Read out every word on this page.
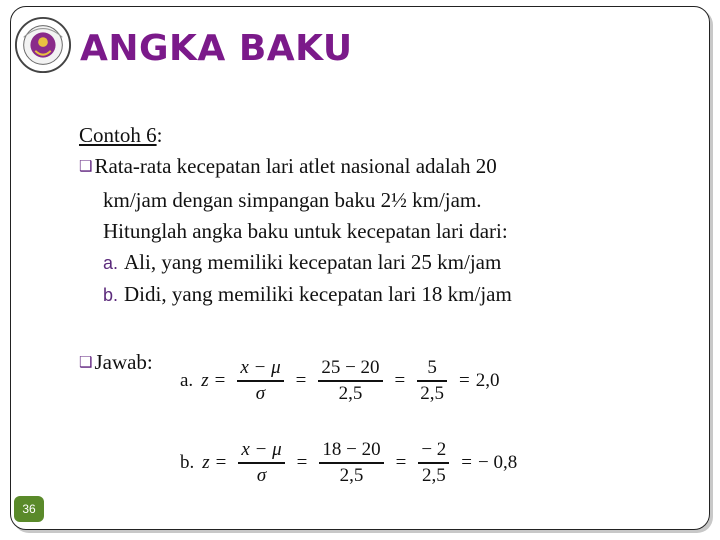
ANGKA BAKU
Contoh 6:
❑Rata-rata kecepatan lari atlet nasional adalah 20
km/jam dengan simpangan baku 2½ km/jam.
Hitunglah angka baku untuk kecepatan lari dari:
a. Ali, yang memiliki kecepatan lari 25 km/jam
b. Didi, yang memiliki kecepatan lari 18 km/jam
❑Jawab:
a. $z = \frac{x - \mu}{\sigma} = \frac{25 - 20}{2,5} = \frac{5}{2,5} = 2,0$
b. $z = \frac{x - \mu}{\sigma} = \frac{18 - 20}{2,5} = \frac{- 2}{2,5}$ = − 0,8
36
